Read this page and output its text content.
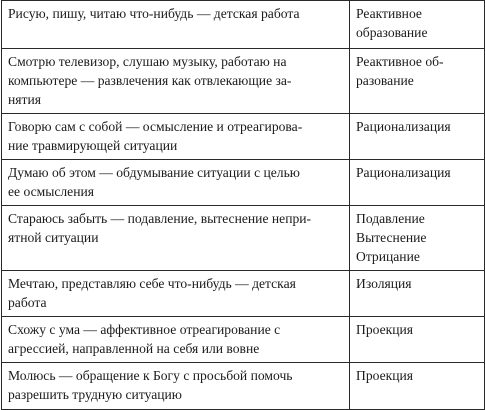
Рисую, пишу, читаю что-нибудь — детская работа	Реактивное
образование

Смотрю телевизор, слушаю музыку, работаю на
компьютере — развлечения как отвлекающие за-
нятия	Реактивное об-
разование

Говорю сам с собой — осмысление и отреагирова-
ние травмирующей ситуации	Рационализация

Думаю об этом — обдумывание ситуации с целью
ее осмысления	Рационализация

Стараюсь забыть — подавление, вытеснение непри-
ятной ситуации	Подавление
Вытеснение
Отрицание

Мечтаю, представляю себе что-нибудь — детская
работа	Изоляция

Схожу с ума — аффективное отреагирование с
агрессией, направленной на себя или вовне	Проекция

Молюсь — обращение к Богу с просьбой помочь
разрешить трудную ситуацию	Проекция
